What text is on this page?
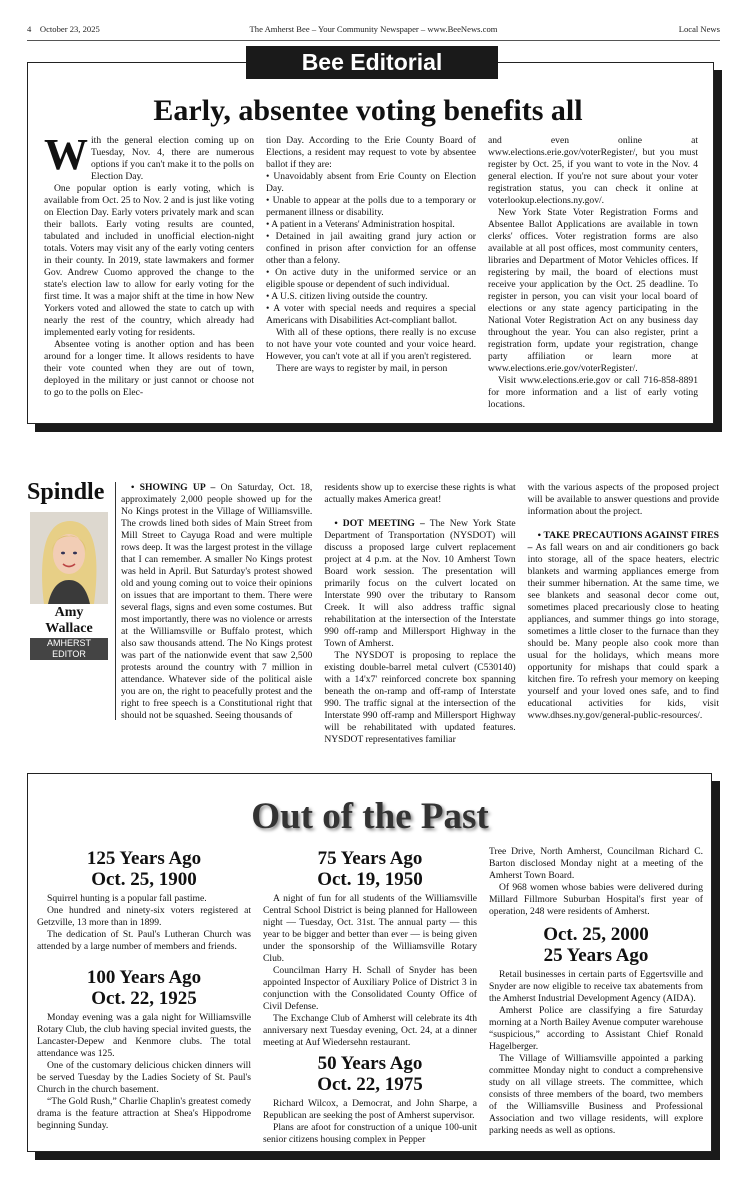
4 October 23, 2025	The Amherst Bee – Your Community Newspaper – www.BeeNews.com	Local News
Bee Editorial
Early, absentee voting benefits all

With the general election coming up on Tuesday, Nov. 4, there are numerous options if you can't make it to the polls on Election Day.

One popular option is early voting, which is available from Oct. 25 to Nov. 2 and is just like voting on Election Day. Early voters privately mark and scan their ballots. Early voting results are counted, tabulated and included in unofficial election-night totals. Voters may visit any of the early voting centers in their county. In 2019, state lawmakers and former Gov. Andrew Cuomo approved the change to the state's election law to allow for early voting for the first time. It was a major shift at the time in how New Yorkers voted and allowed the state to catch up with nearly the rest of the country, which already had implemented early voting for residents.

Absentee voting is another option and has been around for a longer time. It allows residents to have their vote counted when they are out of town, deployed in the military or just cannot or choose not to go to the polls on Elec-

tion Day. According to the Erie County Board of Elections, a resident may request to vote by absentee ballot if they are:

• Unavoidably absent from Erie County on Election Day.

• Unable to appear at the polls due to a temporary or permanent illness or disability.

• A patient in a Veterans' Administration hospital.

• Detained in jail awaiting grand jury action or confined in prison after conviction for an offense other than a felony.

• On active duty in the uniformed service or an eligible spouse or dependent of such individual.

• A U.S. citizen living outside the country.

• A voter with special needs and requires a special Americans with Disabilities Act-compliant ballot.

With all of these options, there really is no excuse to not have your vote counted and your voice heard. However, you can't vote at all if you aren't registered.

There are ways to register by mail, in person

and even online at www.elections.erie.gov/voterRegister/, but you must register by Oct. 25, if you want to vote in the Nov. 4 general election. If you're not sure about your voter registration status, you can check it online at voterlookup.elections.ny.gov/.

New York State Voter Registration Forms and Absentee Ballot Applications are available in town clerks' offices. Voter registration forms are also available at all post offices, most community centers, libraries and Department of Motor Vehicles offices. If registering by mail, the board of elections must receive your application by the Oct. 25 deadline. To register in person, you can visit your local board of elections or any state agency participating in the National Voter Registration Act on any business day throughout the year. You can also register, print a registration form, update your registration, change party affiliation or learn more at www.elections.erie.gov/voterRegister/.

Visit www.elections.erie.gov or call 716-858-8891 for more information and a list of early voting locations.

Spindle
Amy
Wallace
AMHERST
EDITOR

• SHOWING UP – On Saturday, Oct. 18, approximately 2,000 people showed up for the No Kings protest in the Village of Williamsville. The crowds lined both sides of Main Street from Mill Street to Cayuga Road and were multiple rows deep. It was the largest protest in the village that I can remember. A smaller No Kings protest was held in April. But Saturday's protest showed old and young coming out to voice their opinions on issues that are important to them. There were several flags, signs and even some costumes. But most importantly, there was no violence or arrests at the Williamsville or Buffalo protest, which also saw thousands attend. The No Kings protest was part of the nationwide event that saw 2,500 protests around the country with 7 million in attendance. Whatever side of the political aisle you are on, the right to peacefully protest and the right to free speech is a Constitutional right that should not be squashed. Seeing thousands of

residents show up to exercise these rights is what actually makes America great!

• DOT MEETING – The New York State Department of Transportation (NYSDOT) will discuss a proposed large culvert replacement project at 4 p.m. at the Nov. 10 Amherst Town Board work session. The presentation will primarily focus on the culvert located on Interstate 990 over the tributary to Ransom Creek. It will also address traffic signal rehabilitation at the intersection of the Interstate 990 off-ramp and Millersport Highway in the Town of Amherst.

The NYSDOT is proposing to replace the existing double-barrel metal culvert (C530140) with a 14'x7' reinforced concrete box spanning beneath the on-ramp and off-ramp of Interstate 990. The traffic signal at the intersection of the Interstate 990 off-ramp and Millersport Highway will be rehabilitated with updated features. NYSDOT representatives familiar

with the various aspects of the proposed project will be available to answer questions and provide information about the project.

• TAKE PRECAUTIONS AGAINST FIRES – As fall wears on and air conditioners go back into storage, all of the space heaters, electric blankets and warming appliances emerge from their summer hibernation. At the same time, we see blankets and seasonal decor come out, sometimes placed precariously close to heating appliances, and summer things go into storage, sometimes a little closer to the furnace than they should be. Many people also cook more than usual for the holidays, which means more opportunity for mishaps that could spark a kitchen fire. To refresh your memory on keeping yourself and your loved ones safe, and to find educational activities for kids, visit www.dhses.ny.gov/general-public-resources/.

Out of the Past
125 Years Ago
Oct. 25, 1900

Squirrel hunting is a popular fall pastime.

One hundred and ninety-six voters registered at Getzville, 13 more than in 1899.

The dedication of St. Paul's Lutheran Church was attended by a large number of members and friends.

100 Years Ago
Oct. 22, 1925

Monday evening was a gala night for Williamsville Rotary Club, the club having special invited guests, the Lancaster-Depew and Kenmore clubs. The total attendance was 125.

One of the customary delicious chicken dinners will be served Tuesday by the Ladies Society of St. Paul's Church in the church basement.

“The Gold Rush,” Charlie Chaplin's greatest comedy drama is the feature attraction at Shea's Hippodrome beginning Sunday.

75 Years Ago
Oct. 19, 1950

A night of fun for all students of the Williamsville Central School District is being planned for Halloween night — Tuesday, Oct. 31st. The annual party — this year to be bigger and better than ever — is being given under the sponsorship of the Williamsville Rotary Club.

Councilman Harry H. Schall of Snyder has been appointed Inspector of Auxiliary Police of District 3 in conjunction with the Consolidated County Office of Civil Defense.

The Exchange Club of Amherst will celebrate its 4th anniversary next Tuesday evening, Oct. 24, at a dinner meeting at Auf Wiedersehn restaurant.

50 Years Ago
Oct. 22, 1975

Richard Wilcox, a Democrat, and John Sharpe, a Republican are seeking the post of Amherst supervisor.

Plans are afoot for construction of a unique 100-unit senior citizens housing complex in Pepper

Tree Drive, North Amherst, Councilman Richard C. Barton disclosed Monday night at a meeting of the Amherst Town Board.

Of 968 women whose babies were delivered during Millard Fillmore Suburban Hospital's first year of operation, 248 were residents of Amherst.

Oct. 25, 2000
25 Years Ago

Retail businesses in certain parts of Eggertsville and Snyder are now eligible to receive tax abatements from the Amherst Industrial Development Agency (AIDA).

Amherst Police are classifying a fire Saturday morning at a North Bailey Avenue computer warehouse “suspicious,” according to Assistant Chief Ronald Hagelberger.

The Village of Williamsville appointed a parking committee Monday night to conduct a comprehensive study on all village streets. The committee, which consists of three members of the board, two members of the Williamsville Business and Professional Association and two village residents, will explore parking needs as well as options.
